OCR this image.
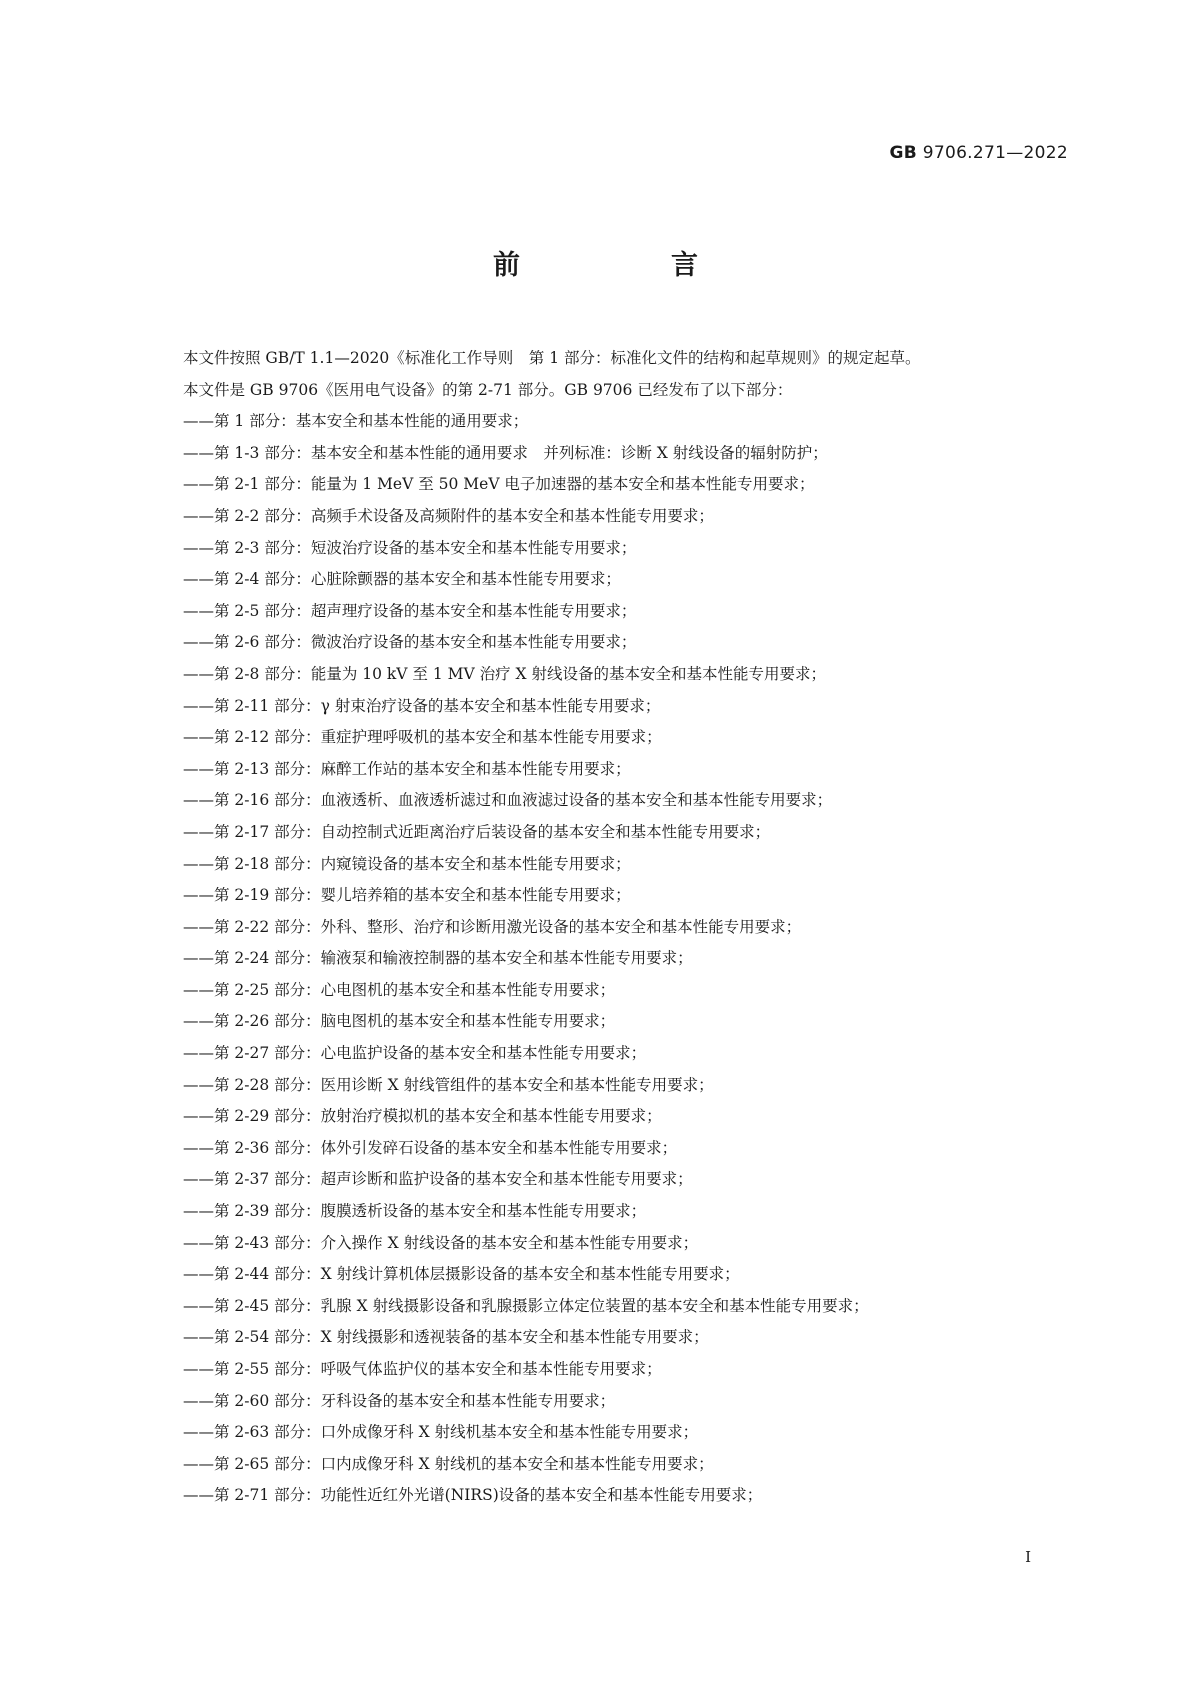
GB 9706.271—2022

前　言

本文件按照 GB/T 1.1—2020《标准化工作导则　第 1 部分：标准化文件的结构和起草规则》的规定起草。

本文件是 GB 9706《医用电气设备》的第 2-71 部分。GB 9706 已经发布了以下部分：

——第 1 部分：基本安全和基本性能的通用要求；
——第 1-3 部分：基本安全和基本性能的通用要求　并列标准：诊断 X 射线设备的辐射防护；
——第 2-1 部分：能量为 1 MeV 至 50 MeV 电子加速器的基本安全和基本性能专用要求；
——第 2-2 部分：高频手术设备及高频附件的基本安全和基本性能专用要求；
——第 2-3 部分：短波治疗设备的基本安全和基本性能专用要求；
——第 2-4 部分：心脏除颤器的基本安全和基本性能专用要求；
——第 2-5 部分：超声理疗设备的基本安全和基本性能专用要求；
——第 2-6 部分：微波治疗设备的基本安全和基本性能专用要求；
——第 2-8 部分：能量为 10 kV 至 1 MV 治疗 X 射线设备的基本安全和基本性能专用要求；
——第 2-11 部分：γ 射束治疗设备的基本安全和基本性能专用要求；
——第 2-12 部分：重症护理呼吸机的基本安全和基本性能专用要求；
——第 2-13 部分：麻醉工作站的基本安全和基本性能专用要求；
——第 2-16 部分：血液透析、血液透析滤过和血液滤过设备的基本安全和基本性能专用要求；
——第 2-17 部分：自动控制式近距离治疗后装设备的基本安全和基本性能专用要求；
——第 2-18 部分：内窥镜设备的基本安全和基本性能专用要求；
——第 2-19 部分：婴儿培养箱的基本安全和基本性能专用要求；
——第 2-22 部分：外科、整形、治疗和诊断用激光设备的基本安全和基本性能专用要求；
——第 2-24 部分：输液泵和输液控制器的基本安全和基本性能专用要求；
——第 2-25 部分：心电图机的基本安全和基本性能专用要求；
——第 2-26 部分：脑电图机的基本安全和基本性能专用要求；
——第 2-27 部分：心电监护设备的基本安全和基本性能专用要求；
——第 2-28 部分：医用诊断 X 射线管组件的基本安全和基本性能专用要求；
——第 2-29 部分：放射治疗模拟机的基本安全和基本性能专用要求；
——第 2-36 部分：体外引发碎石设备的基本安全和基本性能专用要求；
——第 2-37 部分：超声诊断和监护设备的基本安全和基本性能专用要求；
——第 2-39 部分：腹膜透析设备的基本安全和基本性能专用要求；
——第 2-43 部分：介入操作 X 射线设备的基本安全和基本性能专用要求；
——第 2-44 部分：X 射线计算机体层摄影设备的基本安全和基本性能专用要求；
——第 2-45 部分：乳腺 X 射线摄影设备和乳腺摄影立体定位装置的基本安全和基本性能专用要求；
——第 2-54 部分：X 射线摄影和透视装备的基本安全和基本性能专用要求；
——第 2-55 部分：呼吸气体监护仪的基本安全和基本性能专用要求；
——第 2-60 部分：牙科设备的基本安全和基本性能专用要求；
——第 2-63 部分：口外成像牙科 X 射线机基本安全和基本性能专用要求；
——第 2-65 部分：口内成像牙科 X 射线机的基本安全和基本性能专用要求；
——第 2-71 部分：功能性近红外光谱(NIRS)设备的基本安全和基本性能专用要求；

I
